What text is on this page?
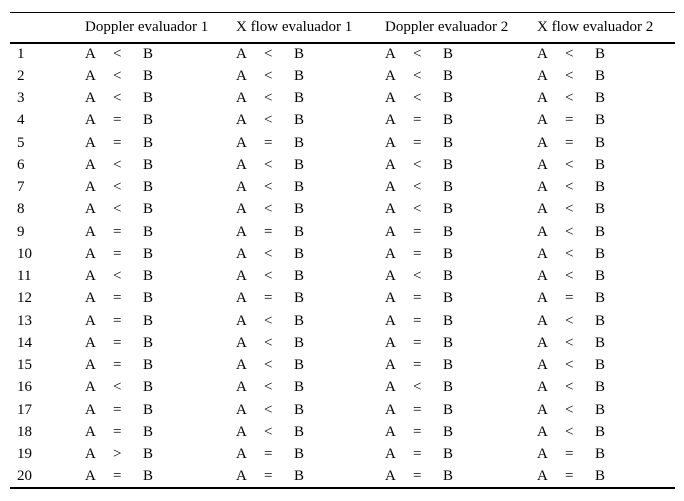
	Doppler evaluador 1	X flow evaluador 1	Doppler evaluador 2	X flow evaluador 2
1	A < B	A < B	A < B	A < B
2	A < B	A < B	A < B	A < B
3	A < B	A < B	A < B	A < B
4	A = B	A < B	A = B	A = B
5	A = B	A = B	A = B	A = B
6	A < B	A < B	A < B	A < B
7	A < B	A < B	A < B	A < B
8	A < B	A < B	A < B	A < B
9	A = B	A = B	A = B	A < B
10	A = B	A < B	A = B	A < B
11	A < B	A < B	A < B	A < B
12	A = B	A = B	A = B	A = B
13	A = B	A < B	A = B	A < B
14	A = B	A < B	A = B	A < B
15	A = B	A < B	A = B	A < B
16	A < B	A < B	A < B	A < B
17	A = B	A < B	A = B	A < B
18	A = B	A < B	A = B	A < B
19	A > B	A = B	A = B	A = B
20	A = B	A = B	A = B	A = B
